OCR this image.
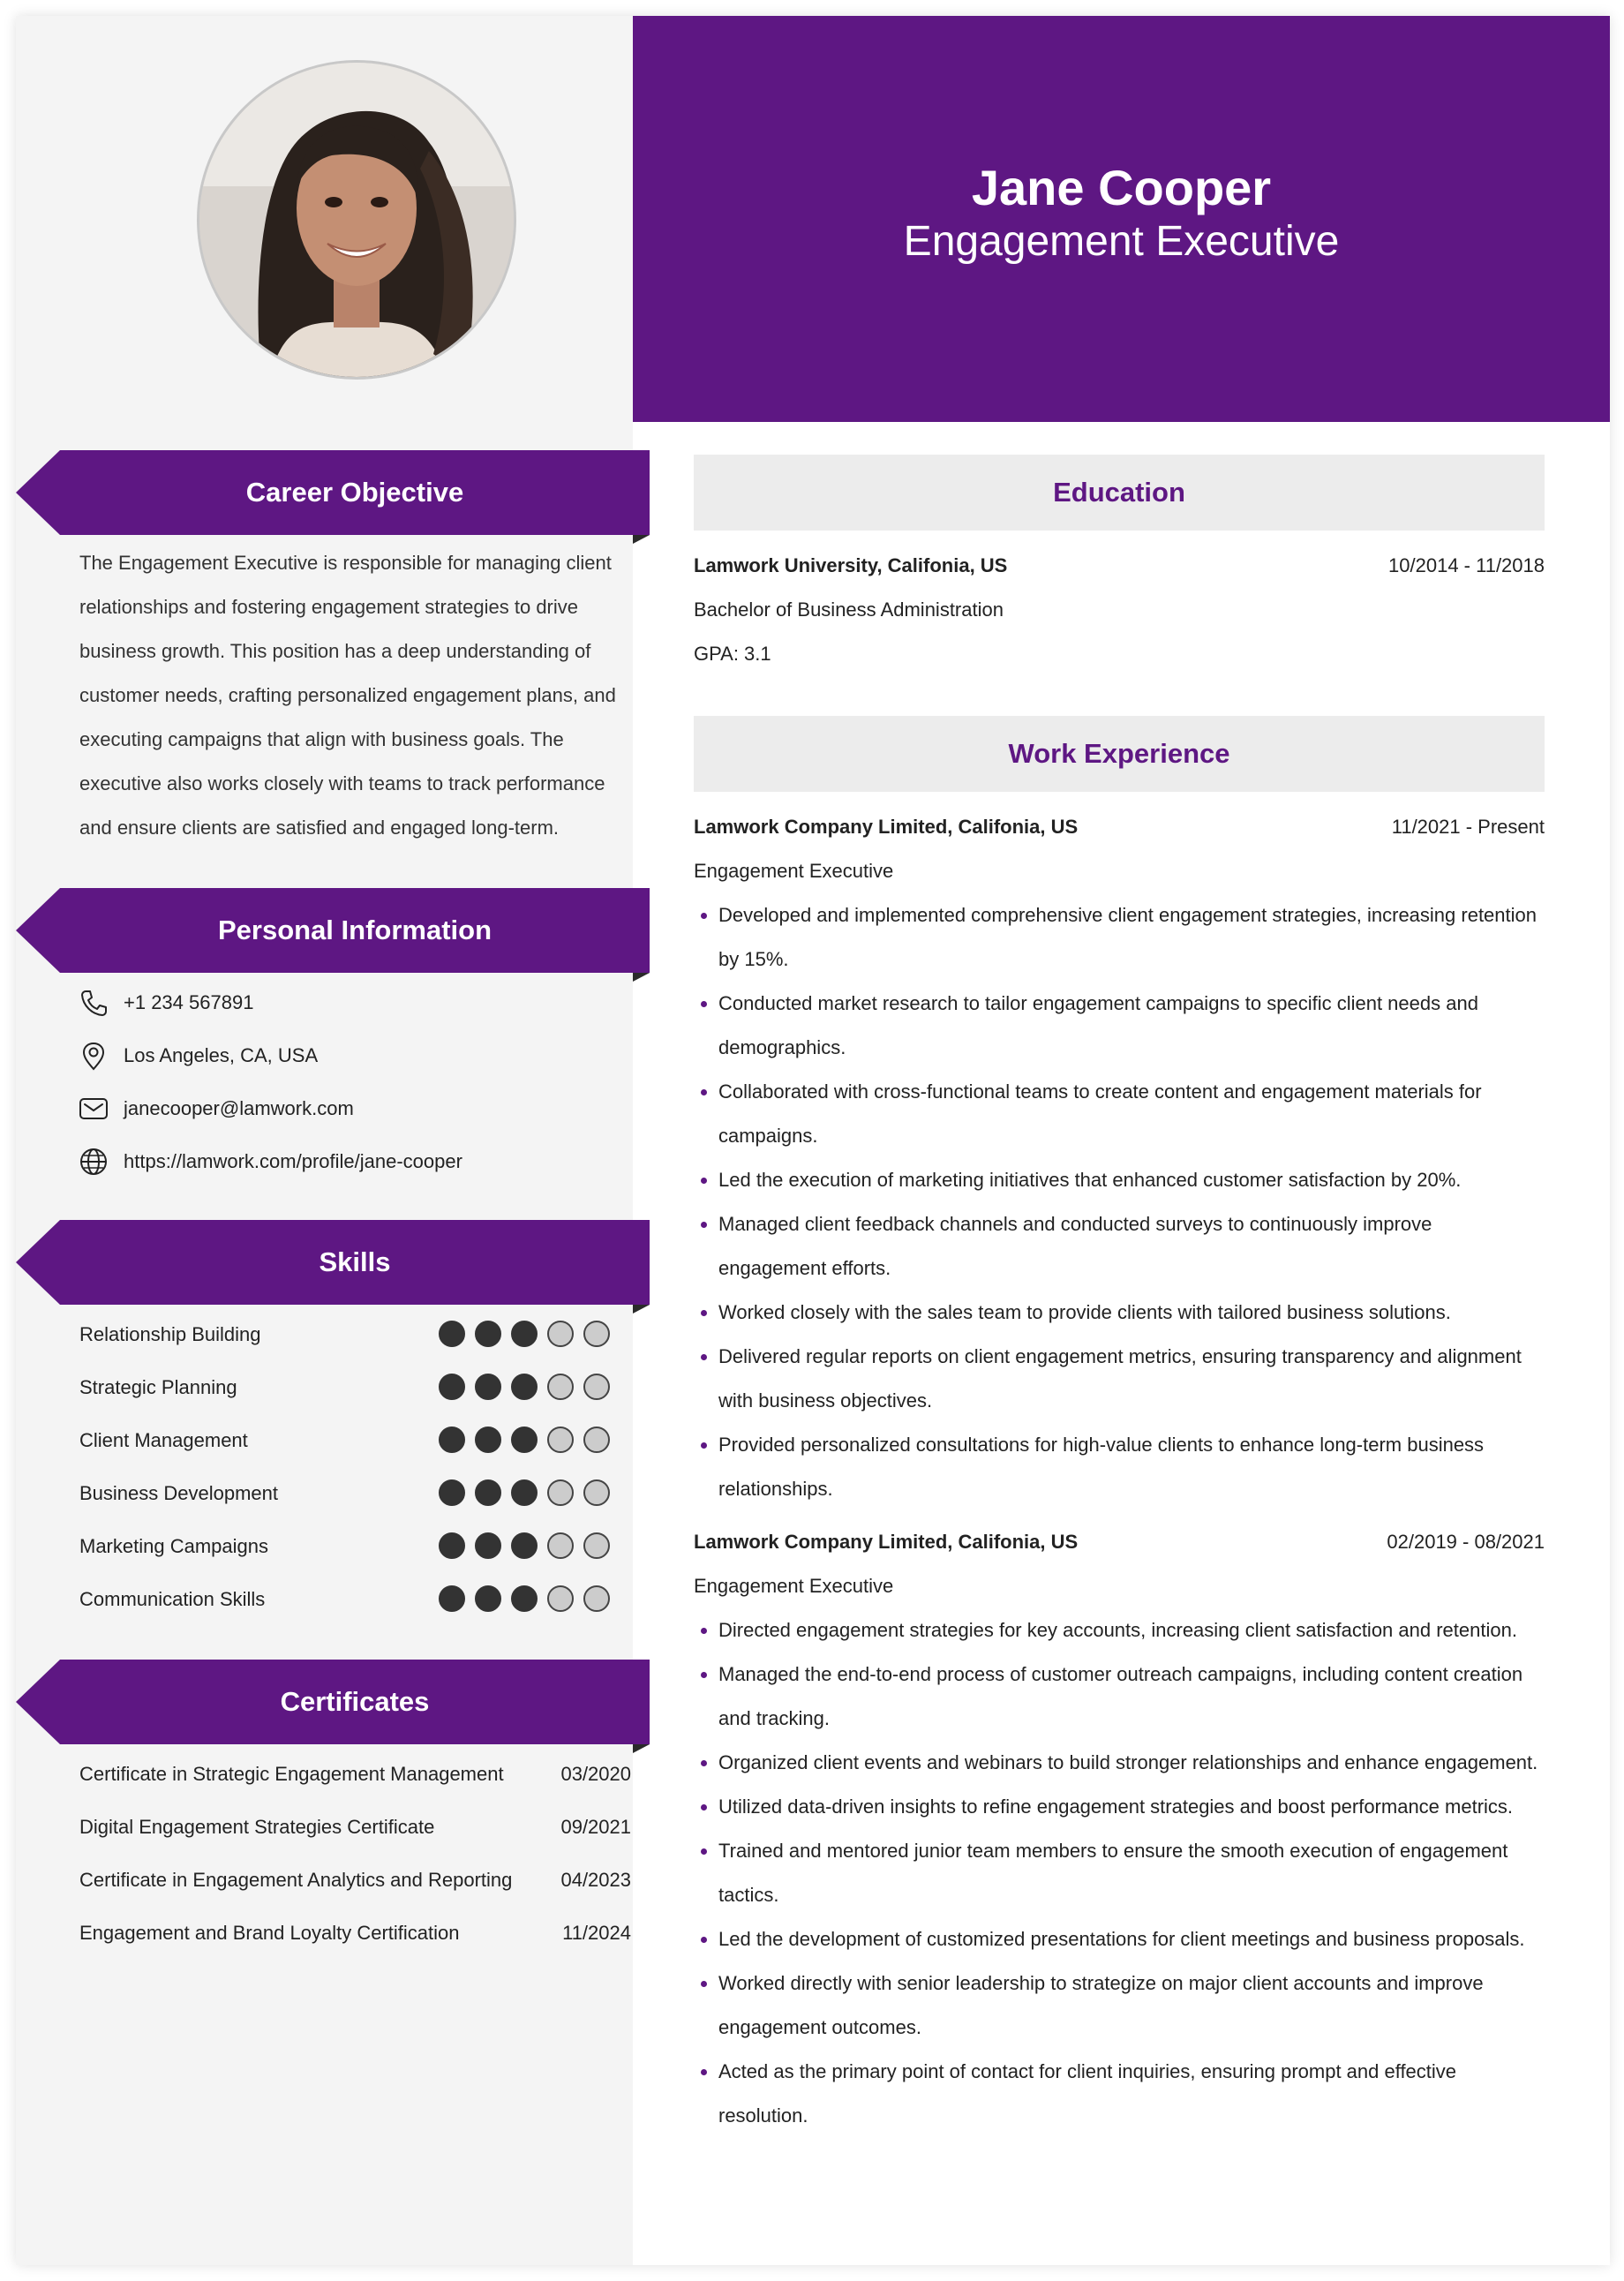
Jane Cooper
Engagement Executive
Career Objective
The Engagement Executive is responsible for managing client relationships and fostering engagement strategies to drive business growth. This position has a deep understanding of customer needs, crafting personalized engagement plans, and executing campaigns that align with business goals. The executive also works closely with teams to track performance and ensure clients are satisfied and engaged long-term.
Personal Information
+1 234 567891
Los Angeles, CA, USA
janecooper@lamwork.com
https://lamwork.com/profile/jane-cooper
Skills
Relationship Building
Strategic Planning
Client Management
Business Development
Marketing Campaigns
Communication Skills
Certificates
Certificate in Strategic Engagement Management	03/2020
Digital Engagement Strategies Certificate	09/2021
Certificate in Engagement Analytics and Reporting	04/2023
Engagement and Brand Loyalty Certification	11/2024
Education
Lamwork University, Califonia, US	10/2014 - 11/2018
Bachelor of Business Administration
GPA: 3.1
Work Experience
Lamwork Company Limited, Califonia, US	11/2021 - Present
Engagement Executive
Developed and implemented comprehensive client engagement strategies, increasing retention by 15%.
Conducted market research to tailor engagement campaigns to specific client needs and demographics.
Collaborated with cross-functional teams to create content and engagement materials for campaigns.
Led the execution of marketing initiatives that enhanced customer satisfaction by 20%.
Managed client feedback channels and conducted surveys to continuously improve engagement efforts.
Worked closely with the sales team to provide clients with tailored business solutions.
Delivered regular reports on client engagement metrics, ensuring transparency and alignment with business objectives.
Provided personalized consultations for high-value clients to enhance long-term business relationships.
Lamwork Company Limited, Califonia, US	02/2019 - 08/2021
Engagement Executive
Directed engagement strategies for key accounts, increasing client satisfaction and retention.
Managed the end-to-end process of customer outreach campaigns, including content creation and tracking.
Organized client events and webinars to build stronger relationships and enhance engagement.
Utilized data-driven insights to refine engagement strategies and boost performance metrics.
Trained and mentored junior team members to ensure the smooth execution of engagement tactics.
Led the development of customized presentations for client meetings and business proposals.
Worked directly with senior leadership to strategize on major client accounts and improve engagement outcomes.
Acted as the primary point of contact for client inquiries, ensuring prompt and effective resolution.
